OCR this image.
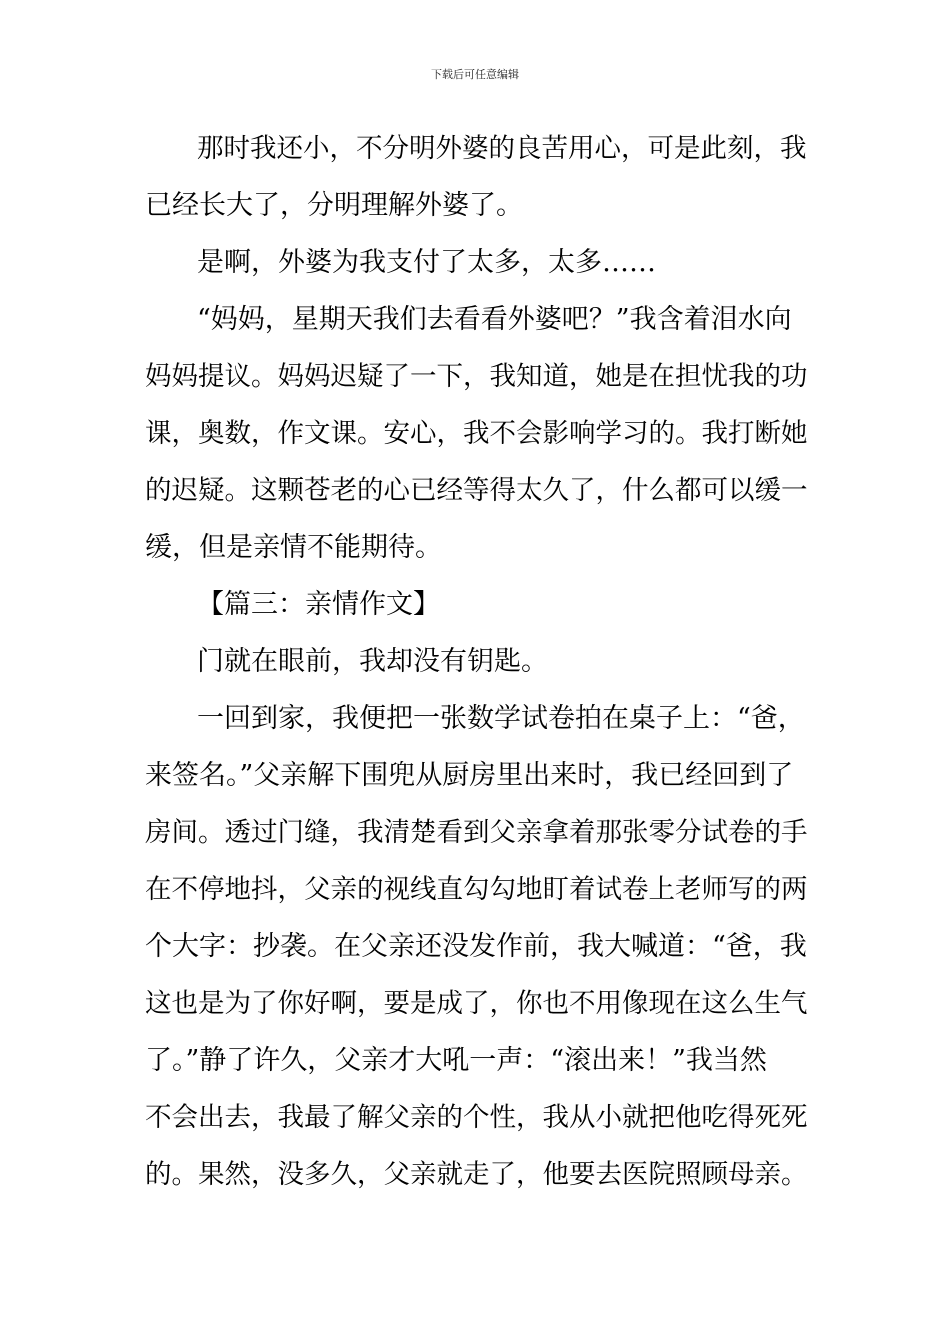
下载后可任意编辑
那时我还小，不分明外婆的良苦用心，可是此刻，我
已经长大了，分明理解外婆了。
是啊，外婆为我支付了太多，太多……
“妈妈，星期天我们去看看外婆吧？”我含着泪水向
妈妈提议。妈妈迟疑了一下，我知道，她是在担忧我的功
课，奥数，作文课。安心，我不会影响学习的。我打断她
的迟疑。这颗苍老的心已经等得太久了，什么都可以缓一
缓，但是亲情不能期待。
【篇三：亲情作文】
门就在眼前，我却没有钥匙。
一回到家，我便把一张数学试卷拍在桌子上：“爸，
来签名。”父亲解下围兜从厨房里出来时，我已经回到了
房间。透过门缝，我清楚看到父亲拿着那张零分试卷的手
在不停地抖，父亲的视线直勾勾地盯着试卷上老师写的两
个大字：抄袭。在父亲还没发作前，我大喊道：“爸，我
这也是为了你好啊，要是成了，你也不用像现在这么生气
了。”静了许久，父亲才大吼一声：“滚出来！”我当然
不会出去，我最了解父亲的个性，我从小就把他吃得死死
的。果然，没多久，父亲就走了，他要去医院照顾母亲。
